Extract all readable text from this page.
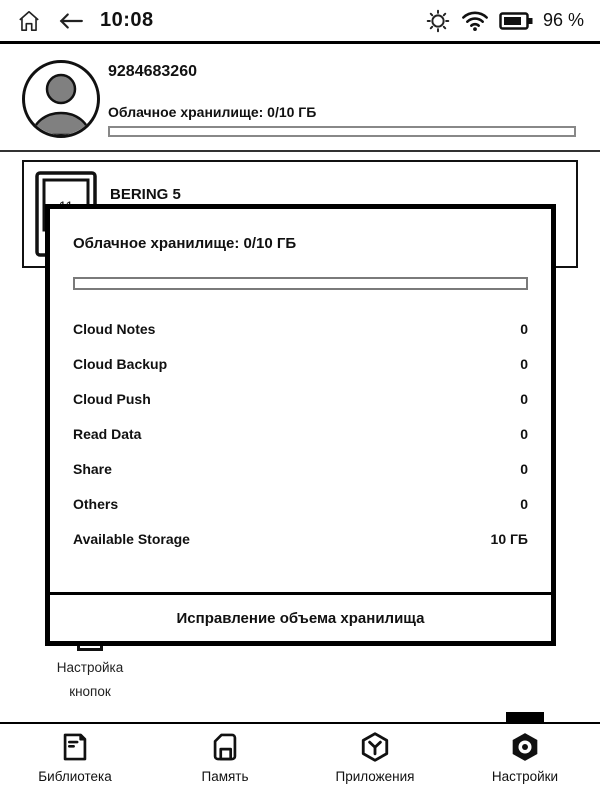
10:08	96 %
9284683260
Облачное хранилище: 0/10 ГБ
BERING 5
Настройка кнопок
Облачное хранилище: 0/10 ГБ
Cloud Notes	0
Cloud Backup	0
Cloud Push	0
Read Data	0
Share	0
Others	0
Available Storage	10 ГБ
Исправление объема хранилища
Библиотека	Память	Приложения	Настройки
